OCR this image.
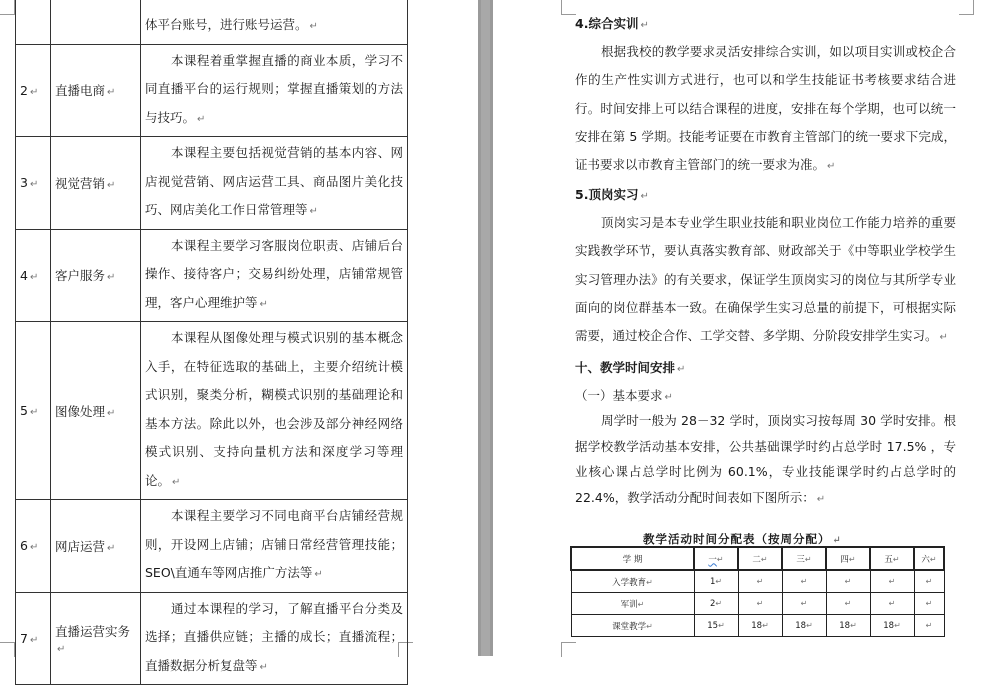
		体平台账号，进行账号运营。 ↵
2 ↵	直播电商 ↵	本课程着重掌握直播的商业本质，学习不同直播平台的运行规则；掌握直播策划的方法与技巧。 ↵
3 ↵	视觉营销 ↵	本课程主要包括视觉营销的基本内容、网店视觉营销、网店运营工具、商品图片美化技巧、网店美化工作日常管理等 ↵
4 ↵	客户服务 ↵	本课程主要学习客服岗位职责、店铺后台操作、接待客户；交易纠纷处理，店铺常规管理，客户心理维护等 ↵
5 ↵	图像处理 ↵	本课程从图像处理与模式识别的基本概念入手，在特征选取的基础上，主要介绍统计模式识别，聚类分析，糊模式识别的基础理论和基本方法。除此以外，也会涉及部分神经网络模式识别、支持向量机方法和深度学习等理论。 ↵
6 ↵	网店运营 ↵	本课程主要学习不同电商平台店铺经营规则，开设网上店铺；店铺日常经营管理技能；SEO\直通车等网店推广方法等 ↵
7 ↵	直播运营实务↵	通过本课程的学习，了解直播平台分类及选择；直播供应链；主播的成长；直播流程；直播数据分析复盘等 ↵
4.综合实训 ↵
根据我校的教学要求灵活安排综合实训，如以项目实训或校企合作的生产性实训方式进行，也可以和学生技能证书考核要求结合进行。时间安排上可以结合课程的进度，安排在每个学期，也可以统一安排在第 5 学期。技能考证要在市教育主管部门的统一要求下完成，证书要求以市教育主管部门的统一要求为准。 ↵
5.顶岗实习 ↵
顶岗实习是本专业学生职业技能和职业岗位工作能力培养的重要实践教学环节，要认真落实教育部、财政部关于《中等职业学校学生实习管理办法》的有关要求，保证学生顶岗实习的岗位与其所学专业面向的岗位群基本一致。在确保学生实习总量的前提下，可根据实际需要，通过校企合作、工学交替、多学期、分阶段安排学生实习。 ↵
十、教学时间安排 ↵
（一）基本要求 ↵
周学时一般为 28－32 学时，顶岗实习按每周 30 学时安排。根据学校教学活动基本安排，公共基础课学时约占总学时 17.5% ，专业核心课占总学时比例为 60.1%，专业技能课学时约占总学时的 22.4%，教学活动分配时间表如下图所示： ↵
教学活动时间分配表（按周分配） ↵
学 期	一↵	二↵	三↵	四↵	五↵	六↵
入学教育↵	1↵	↵	↵	↵	↵	↵
军训↵	2↵	↵	↵	↵	↵	↵
课堂教学↵	15↵	18↵	18↵	18↵	18↵	↵
